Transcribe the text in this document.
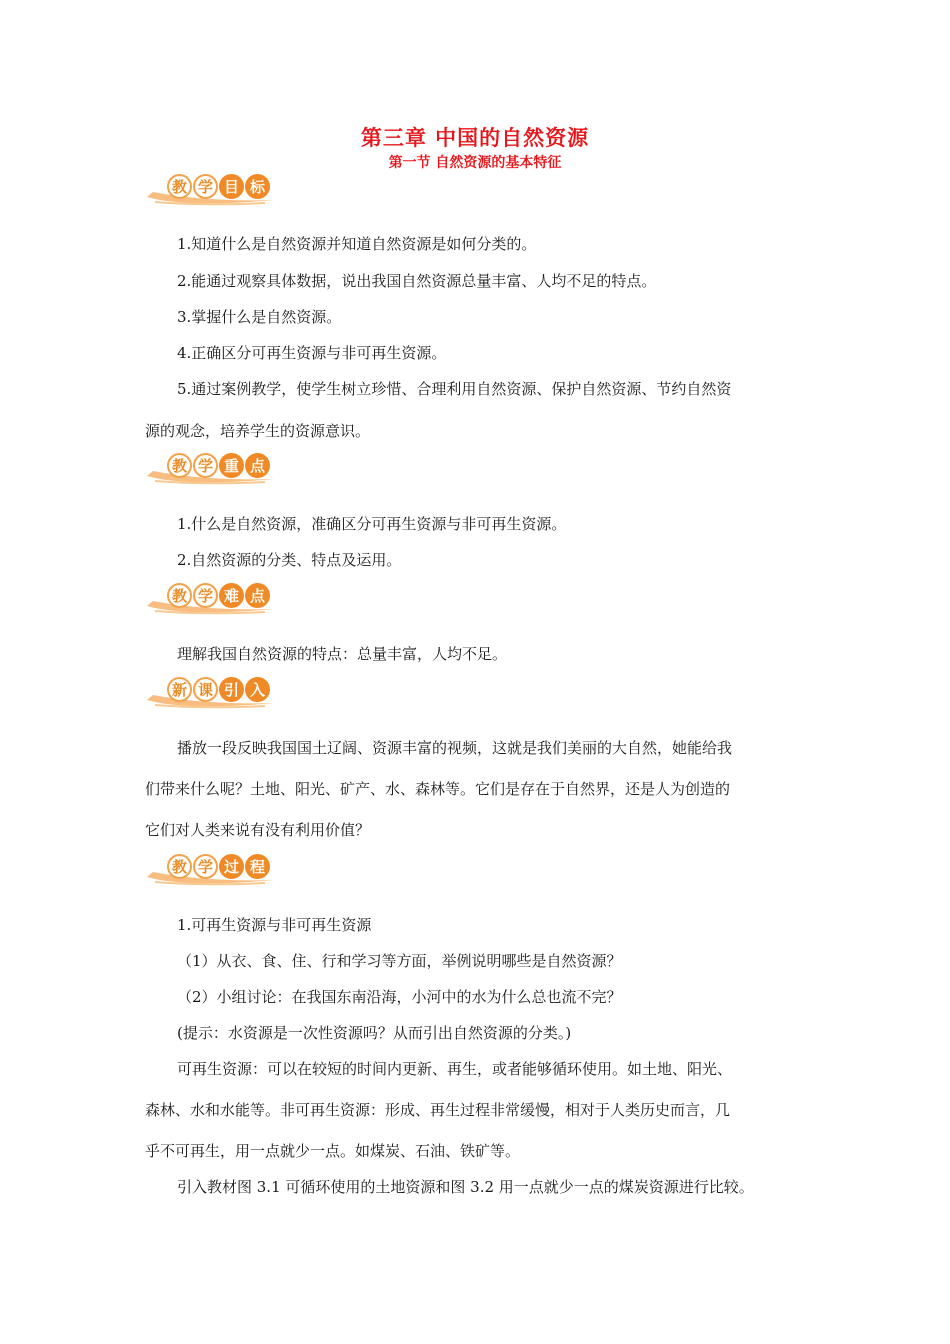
第三章 中国的自然资源
第一节 自然资源的基本特征
教 学 目 标

1.知道什么是自然资源并知道自然资源是如何分类的。

2.能通过观察具体数据，说出我国自然资源总量丰富、人均不足的特点。

3.掌握什么是自然资源。

4.正确区分可再生资源与非可再生资源。

5.通过案例教学，使学生树立珍惜、合理利用自然资源、保护自然资源、节约自然资

源的观念，培养学生的资源意识。

教 学 重 点

1.什么是自然资源，准确区分可再生资源与非可再生资源。

2.自然资源的分类、特点及运用。

教 学 难 点

理解我国自然资源的特点：总量丰富，人均不足。

新 课 引 入

播放一段反映我国国土辽阔、资源丰富的视频，这就是我们美丽的大自然，她能给我

们带来什么呢？土地、阳光、矿产、水、森林等。它们是存在于自然界，还是人为创造的

它们对人类来说有没有利用价值？

教 学 过 程

1.可再生资源与非可再生资源

（1）从衣、食、住、行和学习等方面，举例说明哪些是自然资源？

（2）小组讨论：在我国东南沿海，小河中的水为什么总也流不完？

(提示：水资源是一次性资源吗？从而引出自然资源的分类。)

可再生资源：可以在较短的时间内更新、再生，或者能够循环使用。如土地、阳光、

森林、水和水能等。非可再生资源：形成、再生过程非常缓慢，相对于人类历史而言，几

乎不可再生，用一点就少一点。如煤炭、石油、铁矿等。

引入教材图 3.1 可循环使用的土地资源和图 3.2 用一点就少一点的煤炭资源进行比较。
